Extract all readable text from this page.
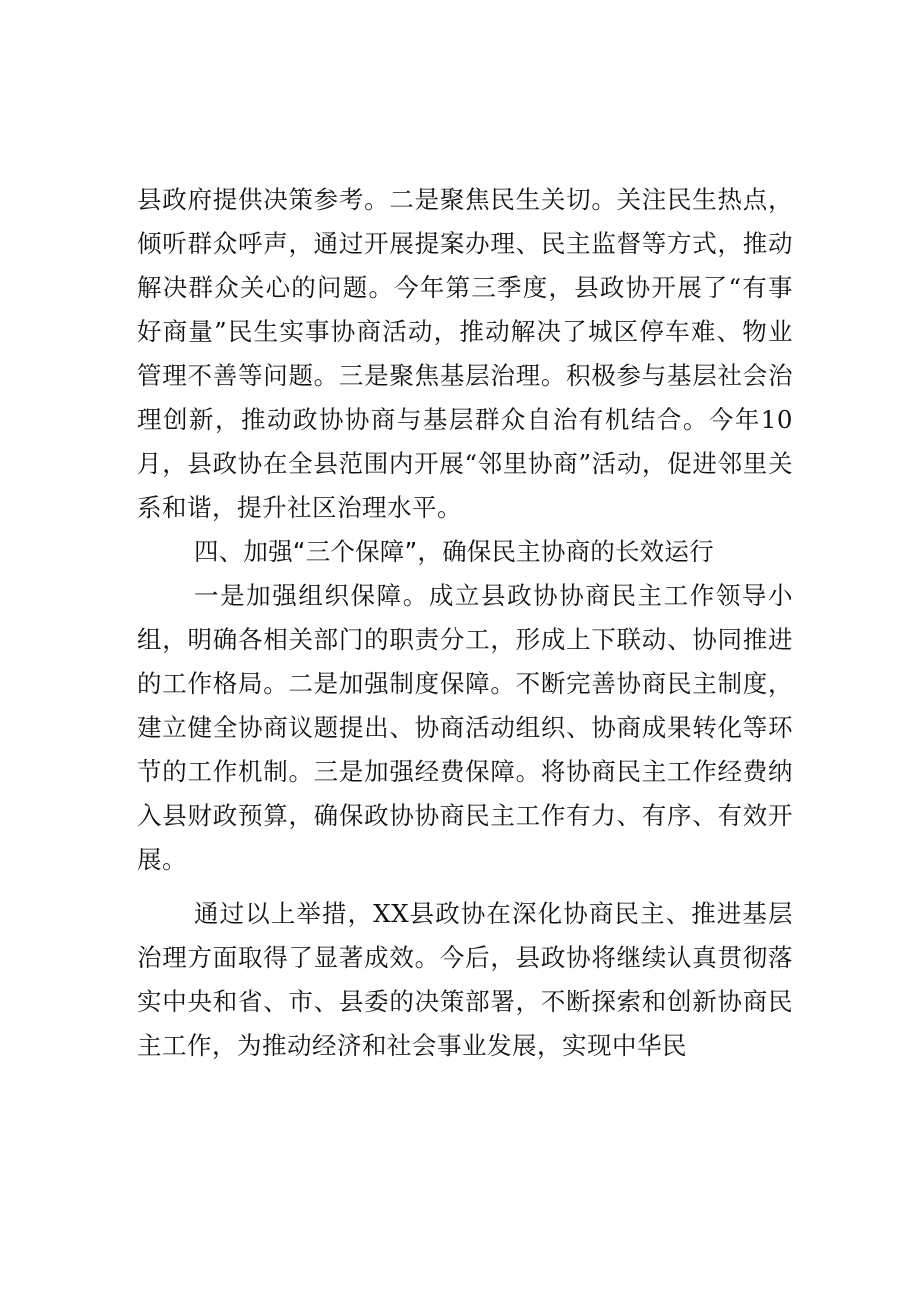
县政府提供决策参考。二是聚焦民生关切。关注民生热点，倾听群众呼声，通过开展提案办理、民主监督等方式，推动解决群众关心的问题。今年第三季度，县政协开展了“有事好商量”民生实事协商活动，推动解决了城区停车难、物业管理不善等问题。三是聚焦基层治理。积极参与基层社会治理创新，推动政协协商与基层群众自治有机结合。今年10月，县政协在全县范围内开展“邻里协商”活动，促进邻里关系和谐，提升社区治理水平。

四、加强“三个保障”，确保民主协商的长效运行

一是加强组织保障。成立县政协协商民主工作领导小组，明确各相关部门的职责分工，形成上下联动、协同推进的工作格局。二是加强制度保障。不断完善协商民主制度，建立健全协商议题提出、协商活动组织、协商成果转化等环节的工作机制。三是加强经费保障。将协商民主工作经费纳入县财政预算，确保政协协商民主工作有力、有序、有效开展。

通过以上举措，XX县政协在深化协商民主、推进基层治理方面取得了显著成效。今后，县政协将继续认真贯彻落实中央和省、市、县委的决策部署，不断探索和创新协商民主工作，为推动经济和社会事业发展，实现中华民
